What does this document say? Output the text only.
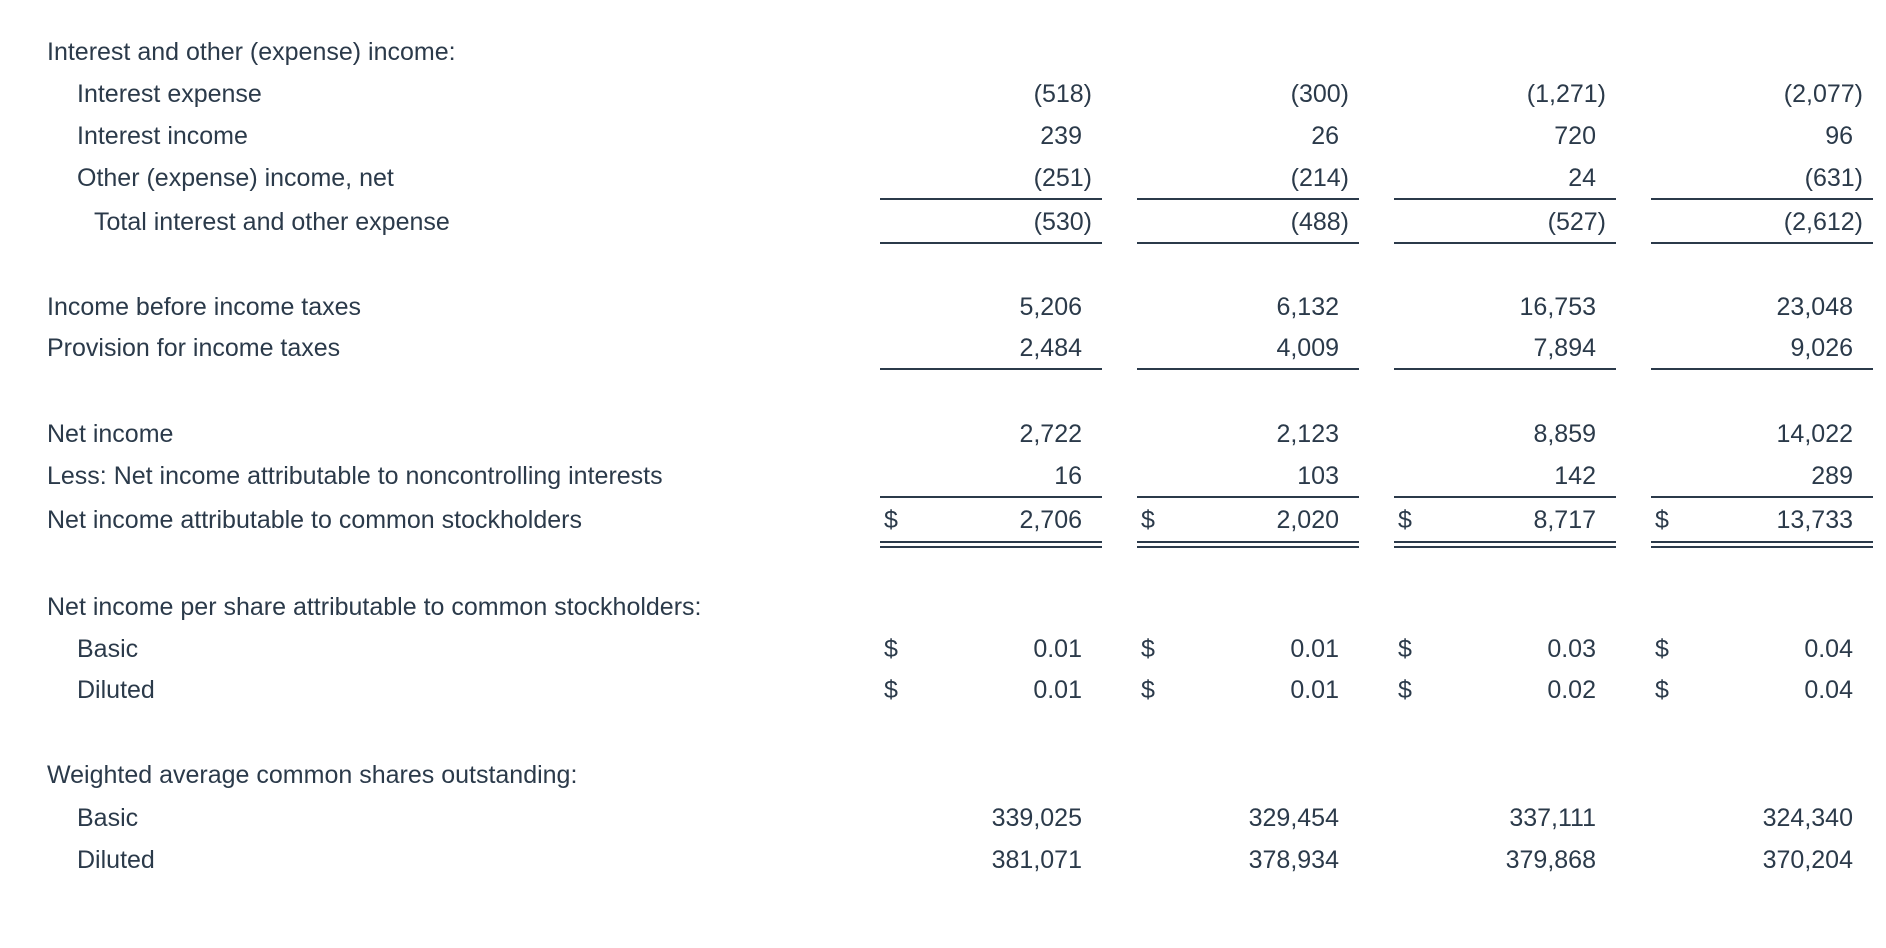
Interest and other (expense) income:
Interest expense	(518)	(300)	(1,271)	(2,077)
Interest income	239	26	720	96
Other (expense) income, net	(251)	(214)	24	(631)
Total interest and other expense	(530)	(488)	(527)	(2,612)
Income before income taxes	5,206	6,132	16,753	23,048
Provision for income taxes	2,484	4,009	7,894	9,026
Net income	2,722	2,123	8,859	14,022
Less: Net income attributable to noncontrolling interests	16	103	142	289
Net income attributable to common stockholders	$	2,706 $	2,020 $	8,717 $	13,733
Net income per share attributable to common stockholders:
Basic	$	0.01 $	0.01 $	0.03 $	0.04
Diluted	$	0.01 $	0.01 $	0.02 $	0.04
Weighted average common shares outstanding:
Basic	339,025	329,454	337,111	324,340
Diluted	381,071	378,934	379,868	370,204
